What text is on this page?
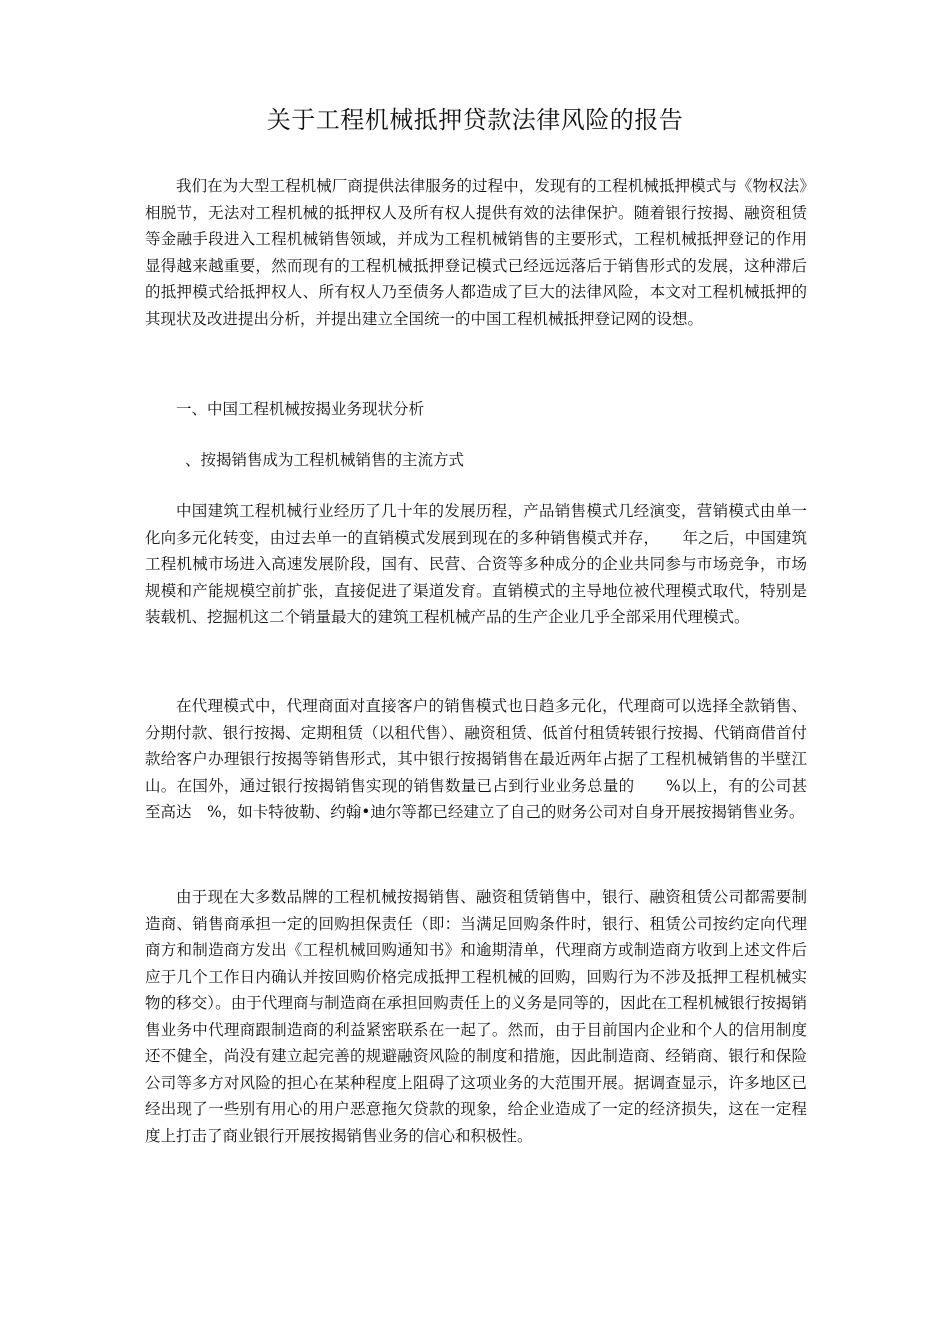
关于工程机械抵押贷款法律风险的报告

我们在为大型工程机械厂商提供法律服务的过程中，发现有的工程机械抵押模式与《物权法》相脱节，无法对工程机械的抵押权人及所有权人提供有效的法律保护。随着银行按揭、融资租赁等金融手段进入工程机械销售领域，并成为工程机械销售的主要形式，工程机械抵押登记的作用显得越来越重要，然而现有的工程机械抵押登记模式已经远远落后于销售形式的发展，这种滞后的抵押模式给抵押权人、所有权人乃至债务人都造成了巨大的法律风险，本文对工程机械抵押的其现状及改进提出分析，并提出建立全国统一的中国工程机械抵押登记网的设想。

一、中国工程机械按揭业务现状分析

、按揭销售成为工程机械销售的主流方式

中国建筑工程机械行业经历了几十年的发展历程，产品销售模式几经演变，营销模式由单一化向多元化转变，由过去单一的直销模式发展到现在的多种销售模式并存，　　年之后，中国建筑工程机械市场进入高速发展阶段，国有、民营、合资等多种成分的企业共同参与市场竞争，市场规模和产能规模空前扩张，直接促进了渠道发育。直销模式的主导地位被代理模式取代，特别是装载机、挖掘机这二个销量最大的建筑工程机械产品的生产企业几乎全部采用代理模式。

在代理模式中，代理商面对直接客户的销售模式也日趋多元化，代理商可以选择全款销售、分期付款、银行按揭、定期租赁（以租代售）、融资租赁、低首付租赁转银行按揭、代销商借首付款给客户办理银行按揭等销售形式，其中银行按揭销售在最近两年占据了工程机械销售的半壁江山。在国外，通过银行按揭销售实现的销售数量已占到行业业务总量的　　%以上，有的公司甚至高达　%，如卡特彼勒、约翰•迪尔等都已经建立了自己的财务公司对自身开展按揭销售业务。

由于现在大多数品牌的工程机械按揭销售、融资租赁销售中，银行、融资租赁公司都需要制造商、销售商承担一定的回购担保责任（即：当满足回购条件时，银行、租赁公司按约定向代理商方和制造商方发出《工程机械回购通知书》和逾期清单，代理商方或制造商方收到上述文件后应于几个工作日内确认并按回购价格完成抵押工程机械的回购，回购行为不涉及抵押工程机械实物的移交）。由于代理商与制造商在承担回购责任上的义务是同等的，因此在工程机械银行按揭销售业务中代理商跟制造商的利益紧密联系在一起了。然而，由于目前国内企业和个人的信用制度还不健全，尚没有建立起完善的规避融资风险的制度和措施，因此制造商、经销商、银行和保险公司等多方对风险的担心在某种程度上阻碍了这项业务的大范围开展。据调查显示，许多地区已经出现了一些别有用心的用户恶意拖欠贷款的现象，给企业造成了一定的经济损失，这在一定程度上打击了商业银行开展按揭销售业务的信心和积极性。
